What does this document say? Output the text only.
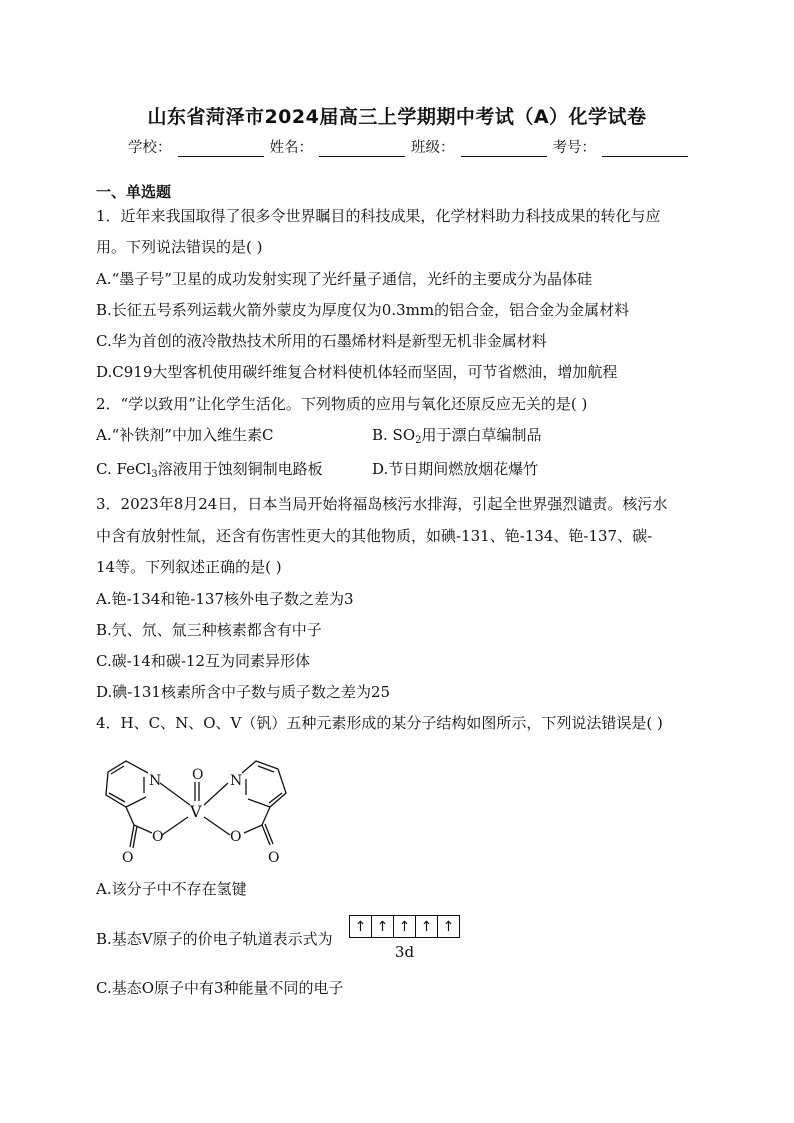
山东省菏泽市2024届高三上学期期中考试（A）化学试卷
学校：	姓名：	班级：	考号：
一、单选题
1．近年来我国取得了很多令世界瞩目的科技成果，化学材料助力科技成果的转化与应
用。下列说法错误的是( )
A.“墨子号”卫星的成功发射实现了光纤量子通信，光纤的主要成分为晶体硅
B.长征五号系列运载火箭外蒙皮为厚度仅为0.3mm的铝合金，铝合金为金属材料
C.华为首创的液冷散热技术所用的石墨烯材料是新型无机非金属材料
D.C919大型客机使用碳纤维复合材料使机体轻而坚固，可节省燃油，增加航程
2．“学以致用”让化学生活化。下列物质的应用与氧化还原反应无关的是( )
A.“补铁剂”中加入维生素C	B. $SO_2$用于漂白草编制品
C. FeCl$_3$溶液用于蚀刻铜制电路板	D.节日期间燃放烟花爆竹
3．2023年8月24日，日本当局开始将福岛核污水排海，引起全世界强烈谴责。核污水
中含有放射性氚，还含有伤害性更大的其他物质，如碘-131、铯-134、铯-137、碳-
14等。下列叙述正确的是( )
A.铯-134和铯-137核外电子数之差为3
B.氕、氘、氚三种核素都含有中子
C.碳-14和碳-12互为同素异形体
D.碘-131核素所含中子数与质子数之差为25
4．H、C、N、O、V（钒）五种元素形成的某分子结构如图所示，下列说法错误是( )
N
O
O
V
O N
O
O
A.该分子中不存在氢键
B.基态V原子的价电子轨道表示式为
↑ ↑ ↑ ↑ ↑
3d
C.基态O原子中有3种能量不同的电子
